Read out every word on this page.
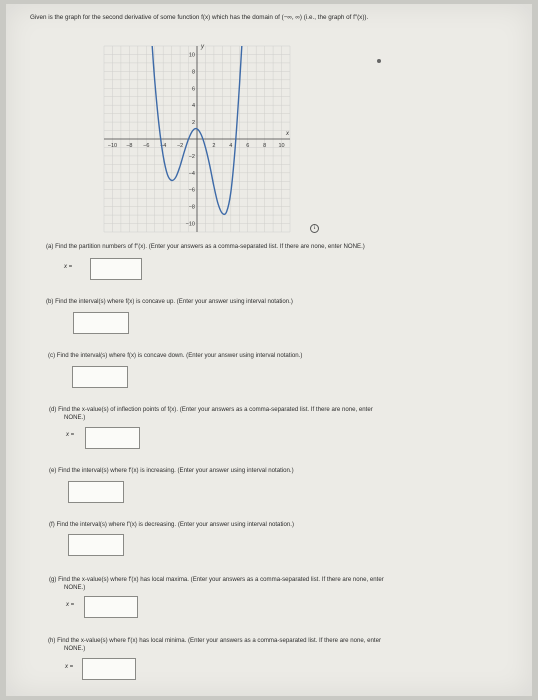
Given is the graph for the second derivative of some function f(x) which has the domain of (−∞, ∞) (i.e., the graph of f″(x)).
x
y
−10 −8 −6 −4 −2	2	4	6	8 10
−10
−8
−6
−4
−2
2
4
6
8
10
i
(a) Find the partition numbers of f″(x). (Enter your answers as a comma-separated list. If there are none, enter NONE.)
x =
(b) Find the interval(s) where f(x) is concave up. (Enter your answer using interval notation.)
(c) Find the interval(s) where f(x) is concave down. (Enter your answer using interval notation.)
(d) Find the x-value(s) of inflection points of f(x). (Enter your answers as a comma-separated list. If there are none, enter
NONE.)
x =
(e) Find the interval(s) where f′(x) is increasing. (Enter your answer using interval notation.)
(f) Find the interval(s) where f′(x) is decreasing. (Enter your answer using interval notation.)
(g) Find the x-value(s) where f′(x) has local maxima. (Enter your answers as a comma-separated list. If there are none, enter
NONE.)
x =
(h) Find the x-value(s) where f′(x) has local minima. (Enter your answers as a comma-separated list. If there are none, enter
NONE.)
x =
